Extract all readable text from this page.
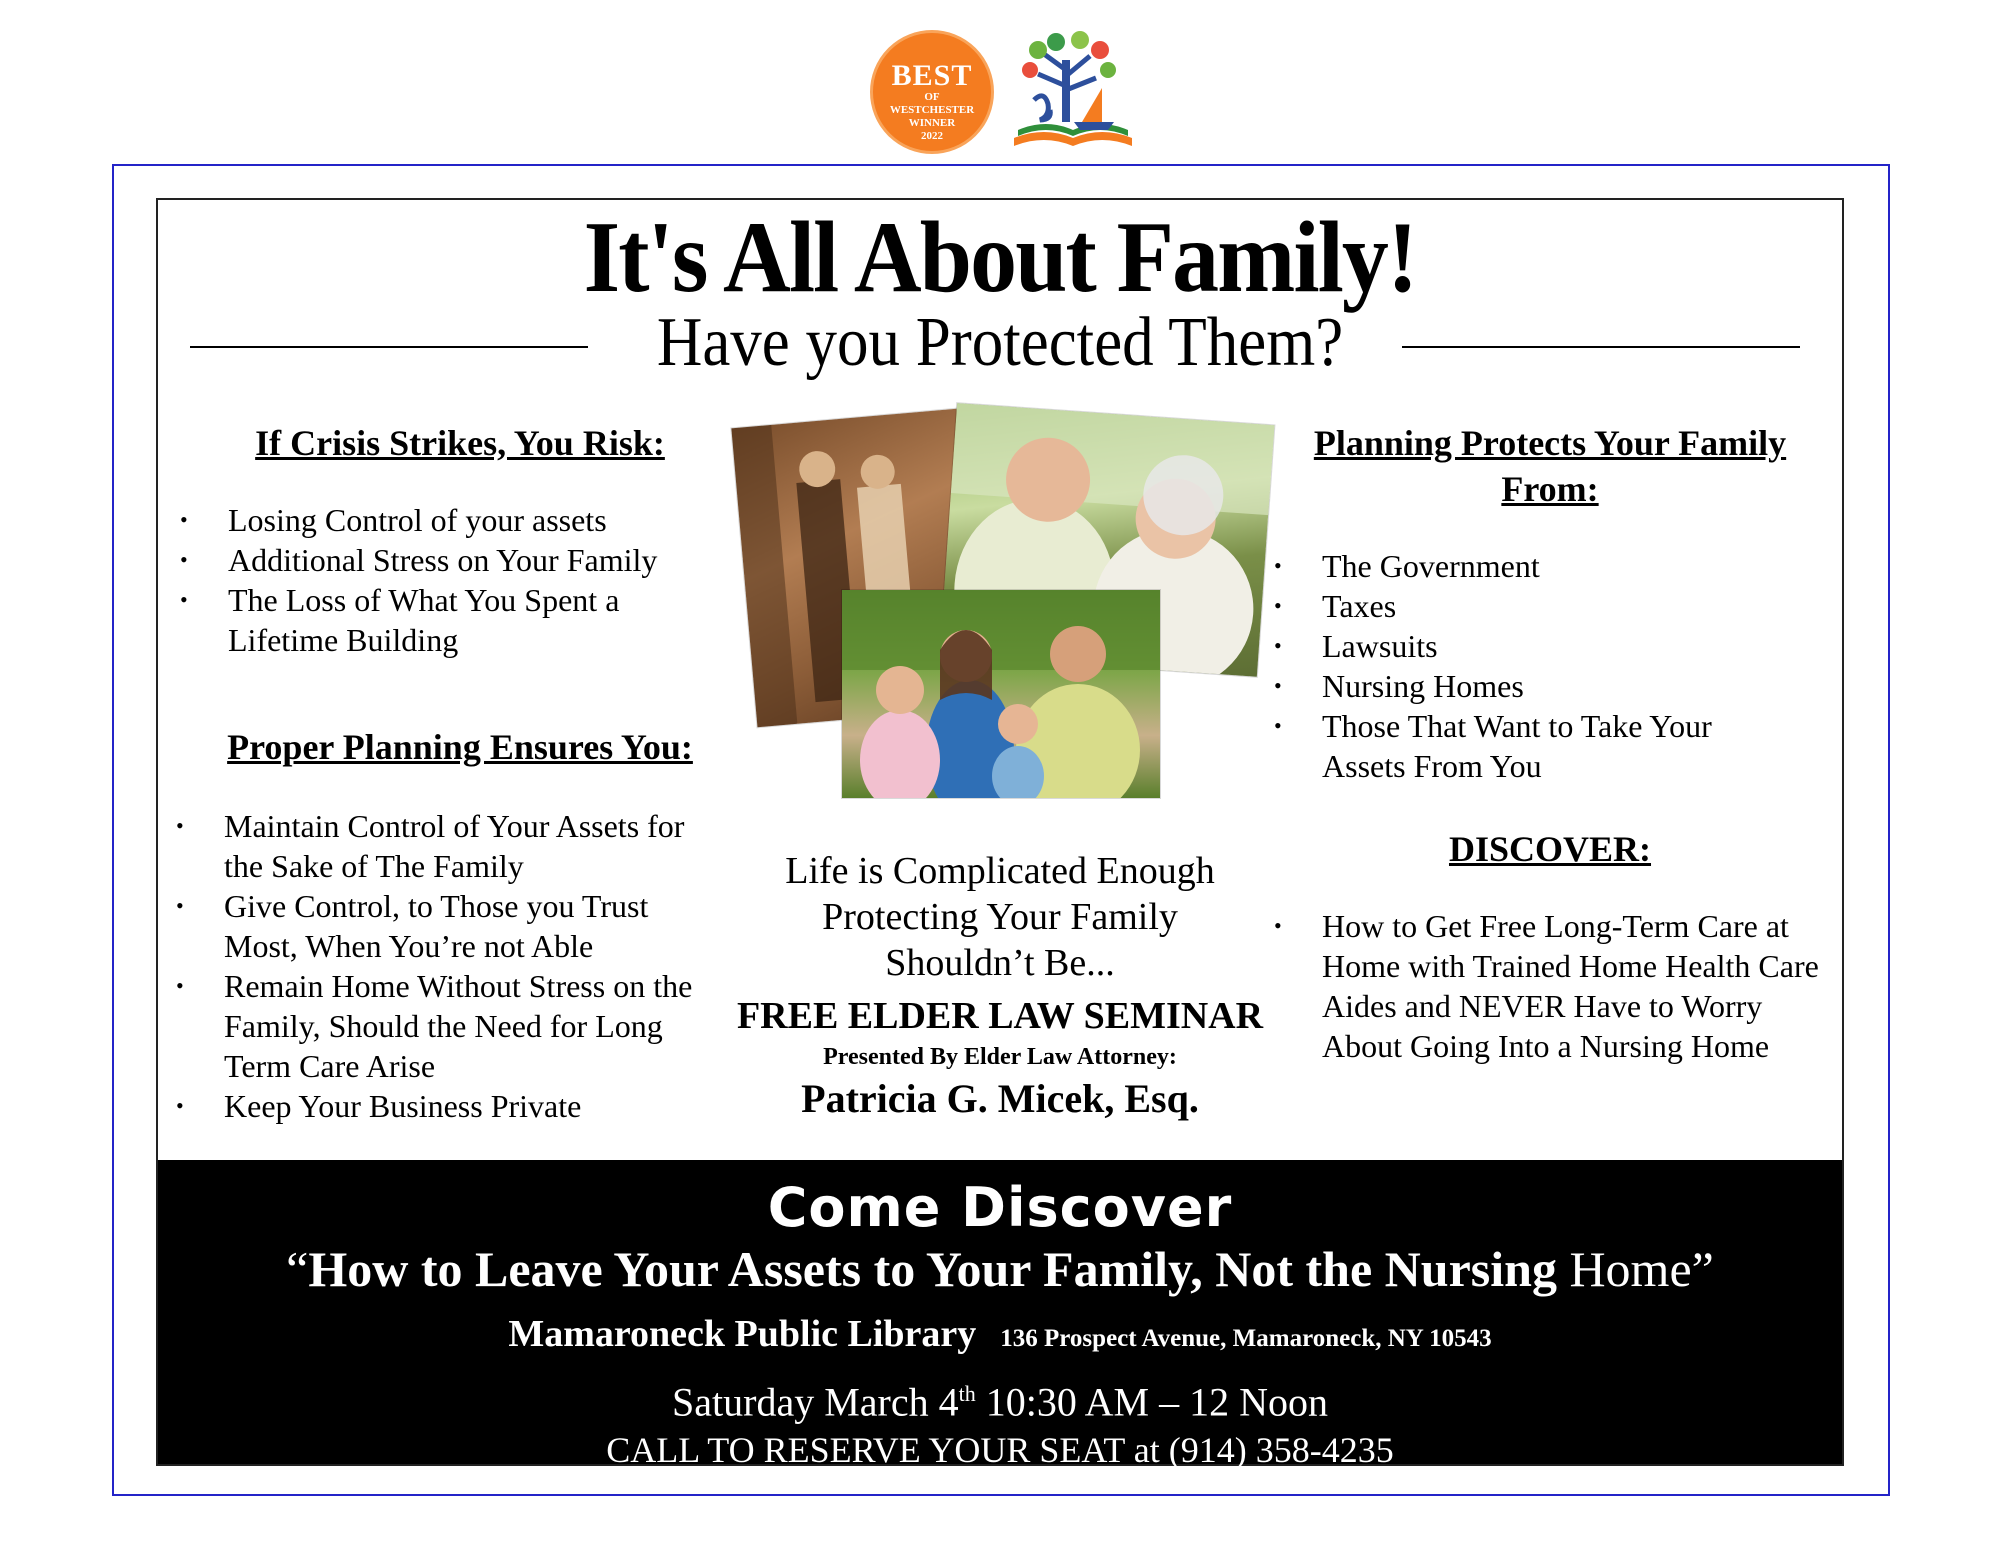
BEST
OF
WESTCHESTER
WINNER
2022
It's All About Family!
Have you Protected Them?
If Crisis Strikes, You Risk:
• Losing Control of your assets
• Additional Stress on Your Family
• The Loss of What You Spent a Lifetime Building
Proper Planning Ensures You:
• Maintain Control of Your Assets for the Sake of The Family
• Give Control, to Those you Trust Most, When You’re not Able
• Remain Home Without Stress on the Family, Should the Need for Long Term Care Arise
• Keep Your Business Private
Life is Complicated Enough
Protecting Your Family
Shouldn’t Be...
FREE ELDER LAW SEMINAR
Presented By Elder Law Attorney:
Patricia G. Micek, Esq.
Planning Protects Your Family From:
• The Government
• Taxes
• Lawsuits
• Nursing Homes
• Those That Want to Take Your Assets From You
DISCOVER:
• How to Get Free Long-Term Care at Home with Trained Home Health Care Aides and NEVER Have to Worry About Going Into a Nursing Home
Come Discover
“How to Leave Your Assets to Your Family, Not the Nursing Home”
Mamaroneck Public Library 136 Prospect Avenue, Mamaroneck, NY 10543
Saturday March 4th 10:30 AM – 12 Noon
CALL TO RESERVE YOUR SEAT at (914) 358-4235
